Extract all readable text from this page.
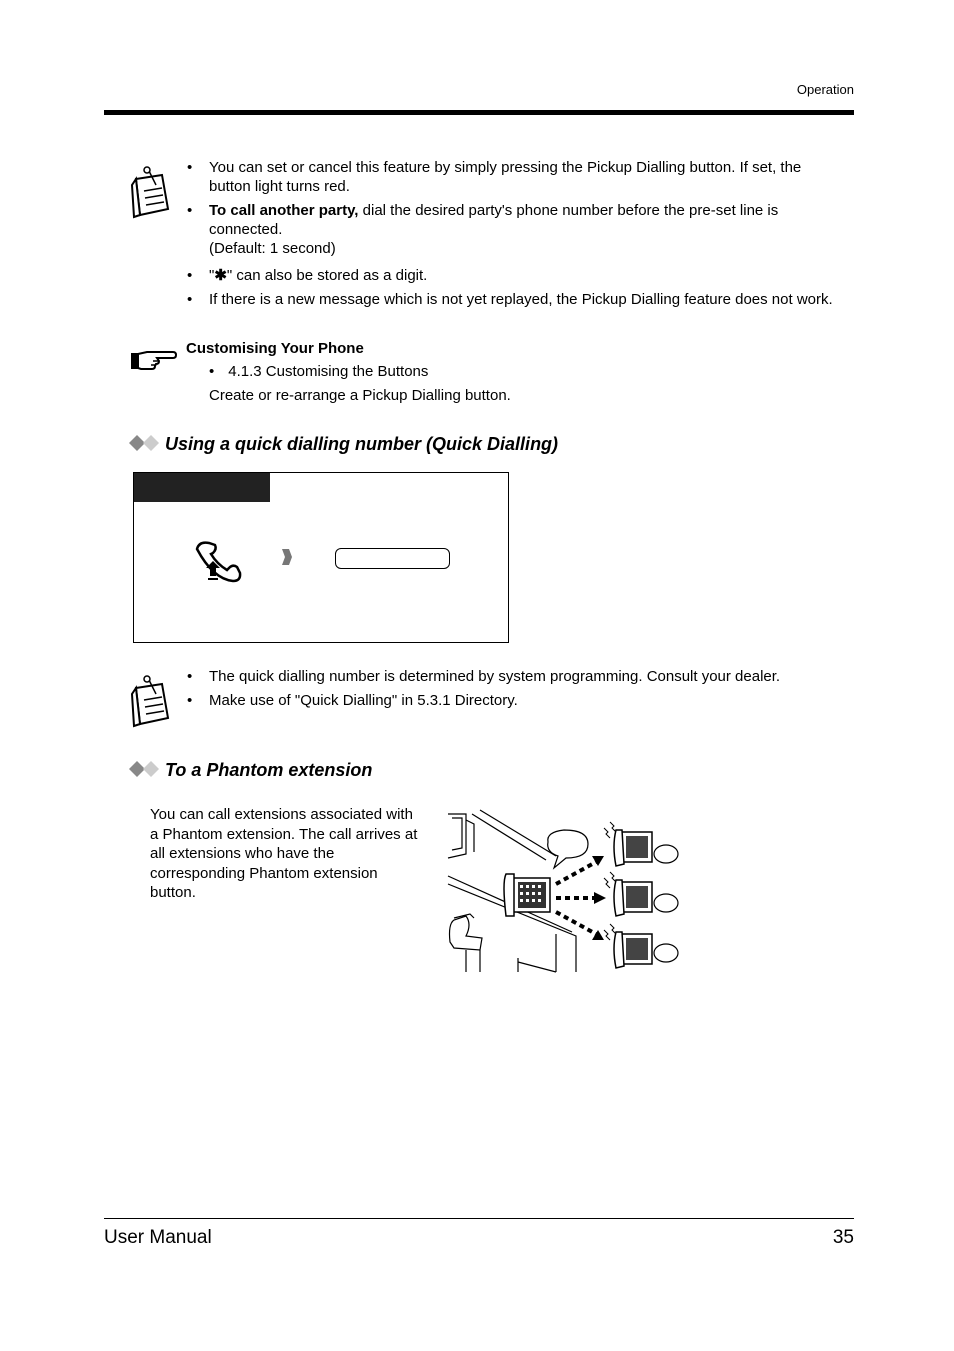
Operation
• You can set or cancel this feature by simply pressing the Pickup Dialling button. If set, the button light turns red.
• To call another party, dial the desired party's phone number before the pre-set line is connected.
(Default: 1 second)
• "✱" can also be stored as a digit.
• If there is a new message which is not yet replayed, the Pickup Dialling feature does not work.
Customising Your Phone
• 4.1.3 Customising the Buttons
Create or re-arrange a Pickup Dialling button.
Using a quick dialling number (Quick Dialling)
• The quick dialling number is determined by system programming. Consult your dealer.
• Make use of "Quick Dialling" in 5.3.1 Directory.
To a Phantom extension
You can call extensions associated with
a Phantom extension. The call arrives at
all extensions who have the
corresponding Phantom extension
button.
User Manual	35
